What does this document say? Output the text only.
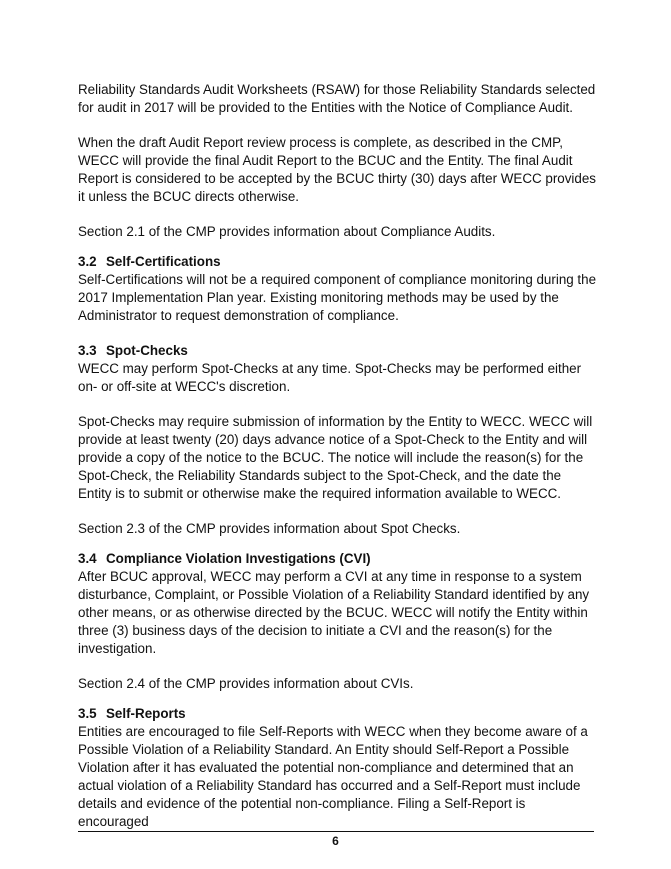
Reliability Standards Audit Worksheets (RSAW) for those Reliability Standards selected for audit in 2017 will be provided to the Entities with the Notice of Compliance Audit.

When the draft Audit Report review process is complete, as described in the CMP, WECC will provide the final Audit Report to the BCUC and the Entity. The final Audit Report is considered to be accepted by the BCUC thirty (30) days after WECC provides it unless the BCUC directs otherwise.

Section 2.1 of the CMP provides information about Compliance Audits.

3.2 Self-Certifications

Self-Certifications will not be a required component of compliance monitoring during the 2017 Implementation Plan year. Existing monitoring methods may be used by the Administrator to request demonstration of compliance.

3.3 Spot-Checks

WECC may perform Spot-Checks at any time. Spot-Checks may be performed either on- or off-site at WECC's discretion.

Spot-Checks may require submission of information by the Entity to WECC. WECC will provide at least twenty (20) days advance notice of a Spot-Check to the Entity and will provide a copy of the notice to the BCUC. The notice will include the reason(s) for the Spot-Check, the Reliability Standards subject to the Spot-Check, and the date the Entity is to submit or otherwise make the required information available to WECC.

Section 2.3 of the CMP provides information about Spot Checks.

3.4 Compliance Violation Investigations (CVI)

After BCUC approval, WECC may perform a CVI at any time in response to a system disturbance, Complaint, or Possible Violation of a Reliability Standard identified by any other means, or as otherwise directed by the BCUC. WECC will notify the Entity within three (3) business days of the decision to initiate a CVI and the reason(s) for the investigation.

Section 2.4 of the CMP provides information about CVIs.

3.5 Self-Reports

Entities are encouraged to file Self-Reports with WECC when they become aware of a Possible Violation of a Reliability Standard. An Entity should Self-Report a Possible Violation after it has evaluated the potential non-compliance and determined that an actual violation of a Reliability Standard has occurred and a Self-Report must include details and evidence of the potential non-compliance. Filing a Self-Report is encouraged

6
